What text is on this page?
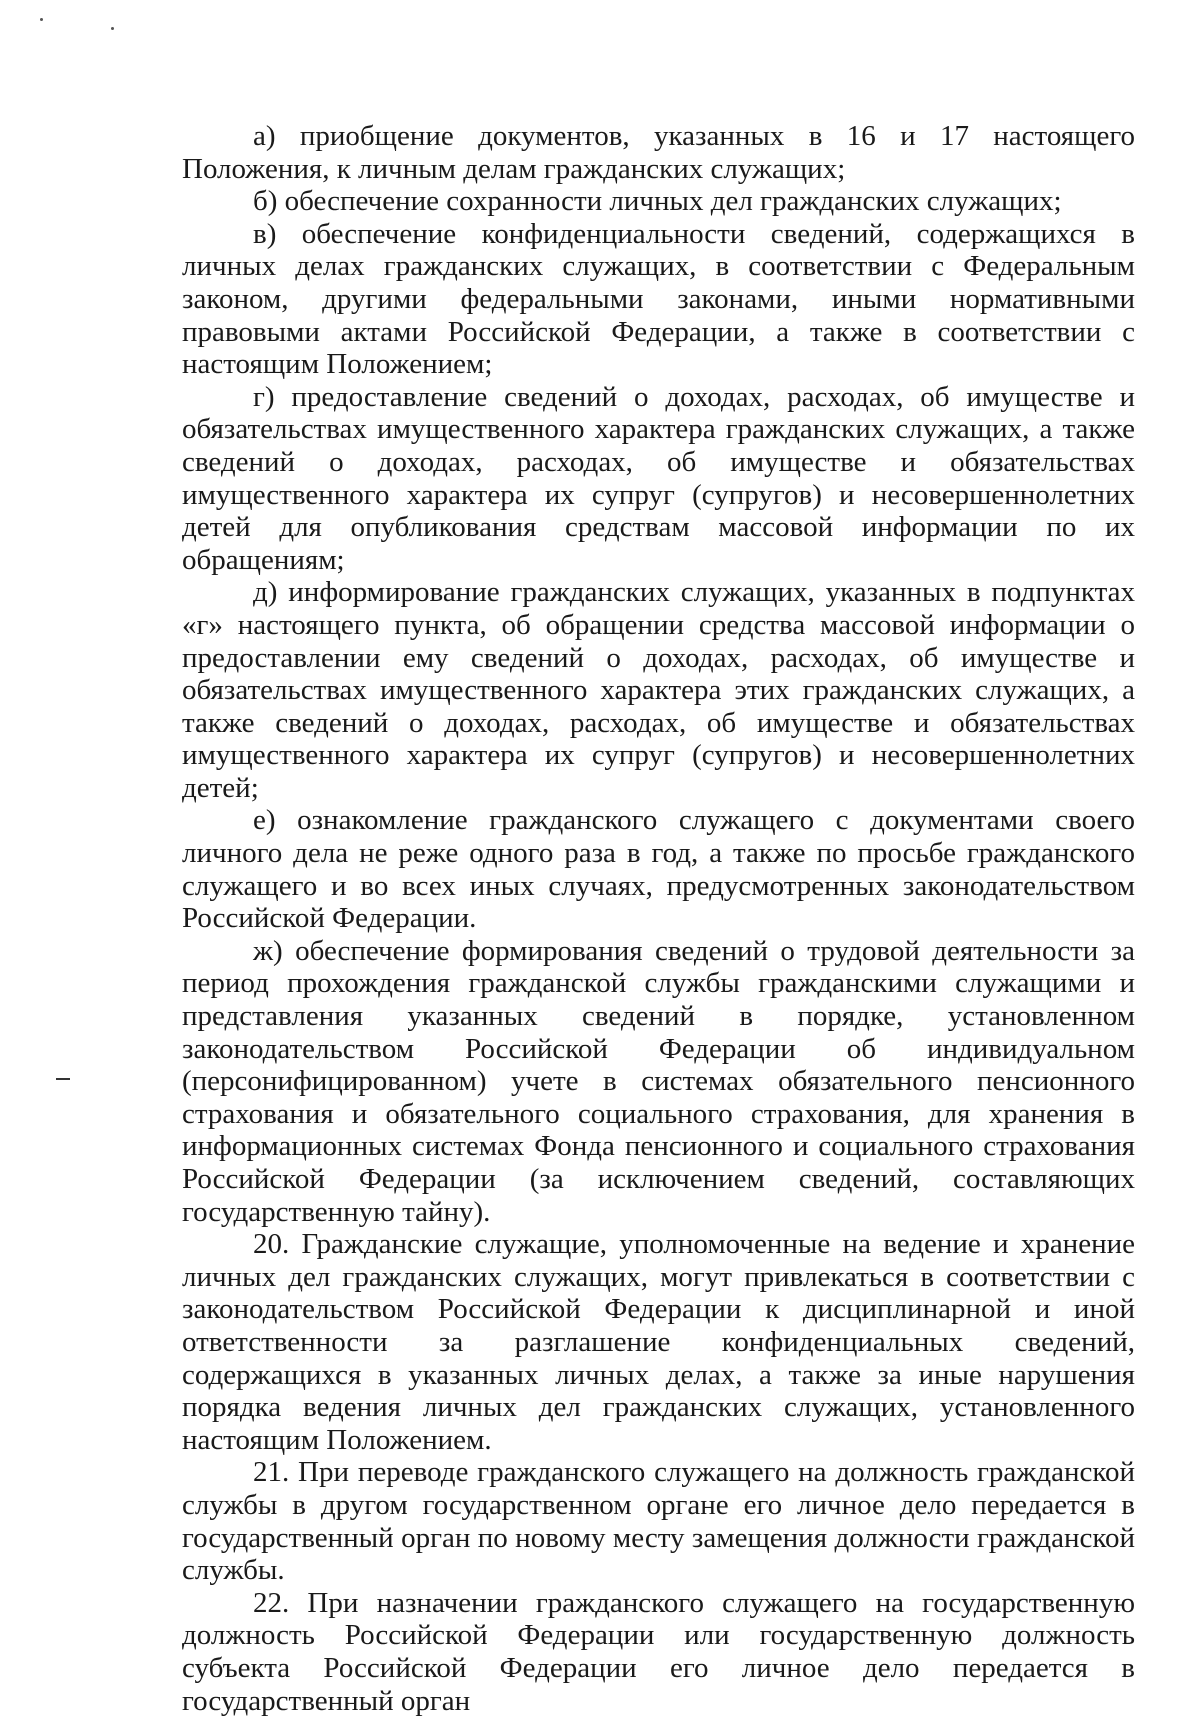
а) приобщение документов, указанных в 16 и 17 настоящего Положения, к личным делам гражданских служащих;

б) обеспечение сохранности личных дел гражданских служащих;

в) обеспечение конфиденциальности сведений, содержащихся в личных делах гражданских служащих, в соответствии с Федеральным законом, другими федеральными законами, иными нормативными правовыми актами Российской Федерации, а также в соответствии с настоящим Положением;

г) предоставление сведений о доходах, расходах, об имуществе и обязательствах имущественного характера гражданских служащих, а также сведений о доходах, расходах, об имуществе и обязательствах имущественного характера их супруг (супругов) и несовершеннолетних детей для опубликования средствам массовой информации по их обращениям;

д) информирование гражданских служащих, указанных в подпунктах «г» настоящего пункта, об обращении средства массовой информации о предоставлении ему сведений о доходах, расходах, об имуществе и обязательствах имущественного характера этих гражданских служащих, а также сведений о доходах, расходах, об имуществе и обязательствах имущественного характера их супруг (супругов) и несовершеннолетних детей;

е) ознакомление гражданского служащего с документами своего личного дела не реже одного раза в год, а также по просьбе гражданского служащего и во всех иных случаях, предусмотренных законодательством Российской Федерации.

ж) обеспечение формирования сведений о трудовой деятельности за период прохождения гражданской службы гражданскими служащими и представления указанных сведений в порядке, установленном законодательством Российской Федерации об индивидуальном (персонифицированном) учете в системах обязательного пенсионного страхования и обязательного социального страхования, для хранения в информационных системах Фонда пенсионного и социального страхования Российской Федерации (за исключением сведений, составляющих государственную тайну).

20. Гражданские служащие, уполномоченные на ведение и хранение личных дел гражданских служащих, могут привлекаться в соответствии с законодательством Российской Федерации к дисциплинарной и иной ответственности за разглашение конфиденциальных сведений, содержащихся в указанных личных делах, а также за иные нарушения порядка ведения личных дел гражданских служащих, установленного настоящим Положением.

21. При переводе гражданского служащего на должность гражданской службы в другом государственном органе его личное дело передается в государственный орган по новому месту замещения должности гражданской службы.

22. При назначении гражданского служащего на государственную должность Российской Федерации или государственную должность субъекта Российской Федерации его личное дело передается в государственный орган
